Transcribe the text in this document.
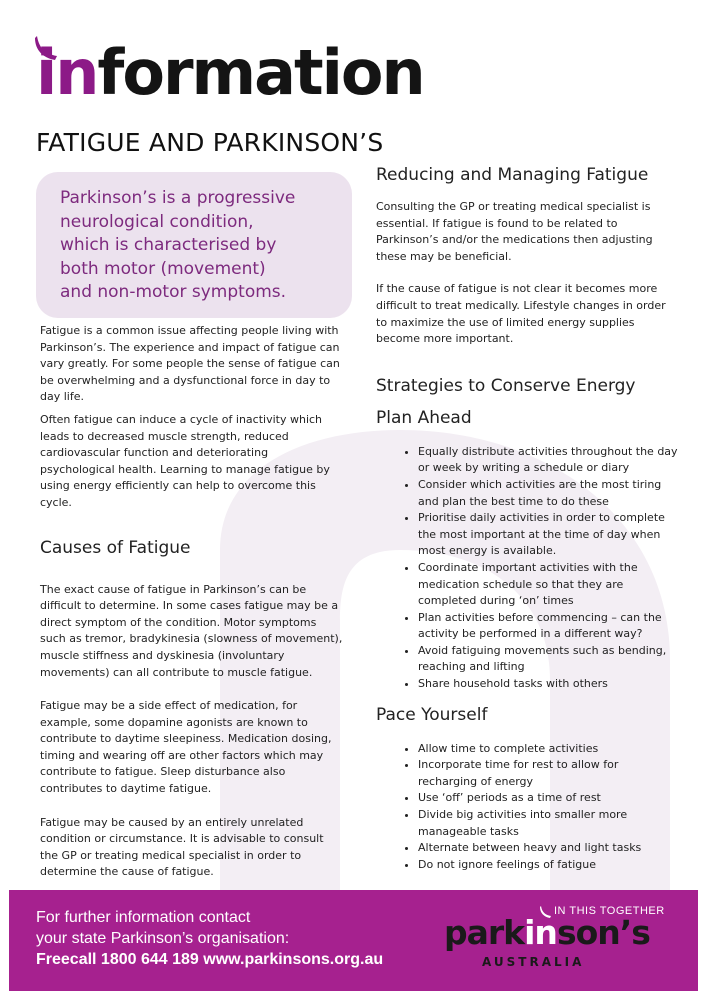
information
FATIGUE AND PARKINSON’S

Parkinson’s is a progressive
neurological condition,
which is characterised by
both motor (movement)
and non-motor symptoms.

Fatigue is a common issue affecting people living with Parkinson’s. The experience and impact of fatigue can vary greatly. For some people the sense of fatigue can be overwhelming and a dysfunctional force in day to day life.

Often fatigue can induce a cycle of inactivity which leads to decreased muscle strength, reduced cardiovascular function and deteriorating psychological health. Learning to manage fatigue by using energy efficiently can help to overcome this cycle.

Causes of Fatigue

The exact cause of fatigue in Parkinson’s can be difficult to determine. In some cases fatigue may be a direct symptom of the condition. Motor symptoms such as tremor, bradykinesia (slowness of movement), muscle stiffness and dyskinesia (involuntary movements) can all contribute to muscle fatigue.

Fatigue may be a side effect of medication, for example, some dopamine agonists are known to contribute to daytime sleepiness. Medication dosing, timing and wearing off are other factors which may contribute to fatigue. Sleep disturbance also contributes to daytime fatigue.

Fatigue may be caused by an entirely unrelated condition or circumstance. It is advisable to consult the GP or treating medical specialist in order to determine the cause of fatigue.

Reducing and Managing Fatigue

Consulting the GP or treating medical specialist is essential. If fatigue is found to be related to Parkinson’s and/or the medications then adjusting these may be beneficial.

If the cause of fatigue is not clear it becomes more difficult to treat medically. Lifestyle changes in order to maximize the use of limited energy supplies become more important.

Strategies to Conserve Energy
Plan Ahead
• Equally distribute activities throughout the day or week by writing a schedule or diary
• Consider which activities are the most tiring and plan the best time to do these
• Prioritise daily activities in order to complete the most important at the time of day when most energy is available.
• Coordinate important activities with the medication schedule so that they are completed during ‘on’ times
• Plan activities before commencing – can the activity be performed in a different way?
• Avoid fatiguing movements such as bending, reaching and lifting
• Share household tasks with others
Pace Yourself
• Allow time to complete activities
• Incorporate time for rest to allow for recharging of energy
• Use ‘off’ periods as a time of rest
• Divide big activities into smaller more manageable tasks
• Alternate between heavy and light tasks
• Do not ignore feelings of fatigue
For further information contact
your state Parkinson’s organisation:
Freecall 1800 644 189 www.parkinsons.org.au
IN THIS TOGETHER
parkinson’s
AUSTRALIA
